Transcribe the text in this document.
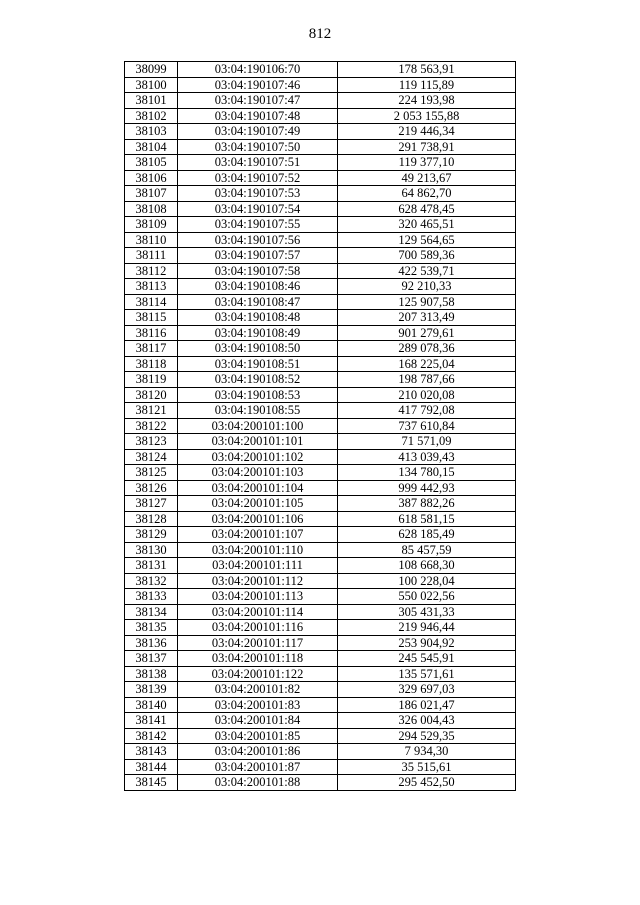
812
38099	03:04:190106:70	178 563,91
38100	03:04:190107:46	119 115,89
38101	03:04:190107:47	224 193,98
38102	03:04:190107:48	2 053 155,88
38103	03:04:190107:49	219 446,34
38104	03:04:190107:50	291 738,91
38105	03:04:190107:51	119 377,10
38106	03:04:190107:52	49 213,67
38107	03:04:190107:53	64 862,70
38108	03:04:190107:54	628 478,45
38109	03:04:190107:55	320 465,51
38110	03:04:190107:56	129 564,65
38111	03:04:190107:57	700 589,36
38112	03:04:190107:58	422 539,71
38113	03:04:190108:46	92 210,33
38114	03:04:190108:47	125 907,58
38115	03:04:190108:48	207 313,49
38116	03:04:190108:49	901 279,61
38117	03:04:190108:50	289 078,36
38118	03:04:190108:51	168 225,04
38119	03:04:190108:52	198 787,66
38120	03:04:190108:53	210 020,08
38121	03:04:190108:55	417 792,08
38122	03:04:200101:100	737 610,84
38123	03:04:200101:101	71 571,09
38124	03:04:200101:102	413 039,43
38125	03:04:200101:103	134 780,15
38126	03:04:200101:104	999 442,93
38127	03:04:200101:105	387 882,26
38128	03:04:200101:106	618 581,15
38129	03:04:200101:107	628 185,49
38130	03:04:200101:110	85 457,59
38131	03:04:200101:111	108 668,30
38132	03:04:200101:112	100 228,04
38133	03:04:200101:113	550 022,56
38134	03:04:200101:114	305 431,33
38135	03:04:200101:116	219 946,44
38136	03:04:200101:117	253 904,92
38137	03:04:200101:118	245 545,91
38138	03:04:200101:122	135 571,61
38139	03:04:200101:82	329 697,03
38140	03:04:200101:83	186 021,47
38141	03:04:200101:84	326 004,43
38142	03:04:200101:85	294 529,35
38143	03:04:200101:86	7 934,30
38144	03:04:200101:87	35 515,61
38145	03:04:200101:88	295 452,50
